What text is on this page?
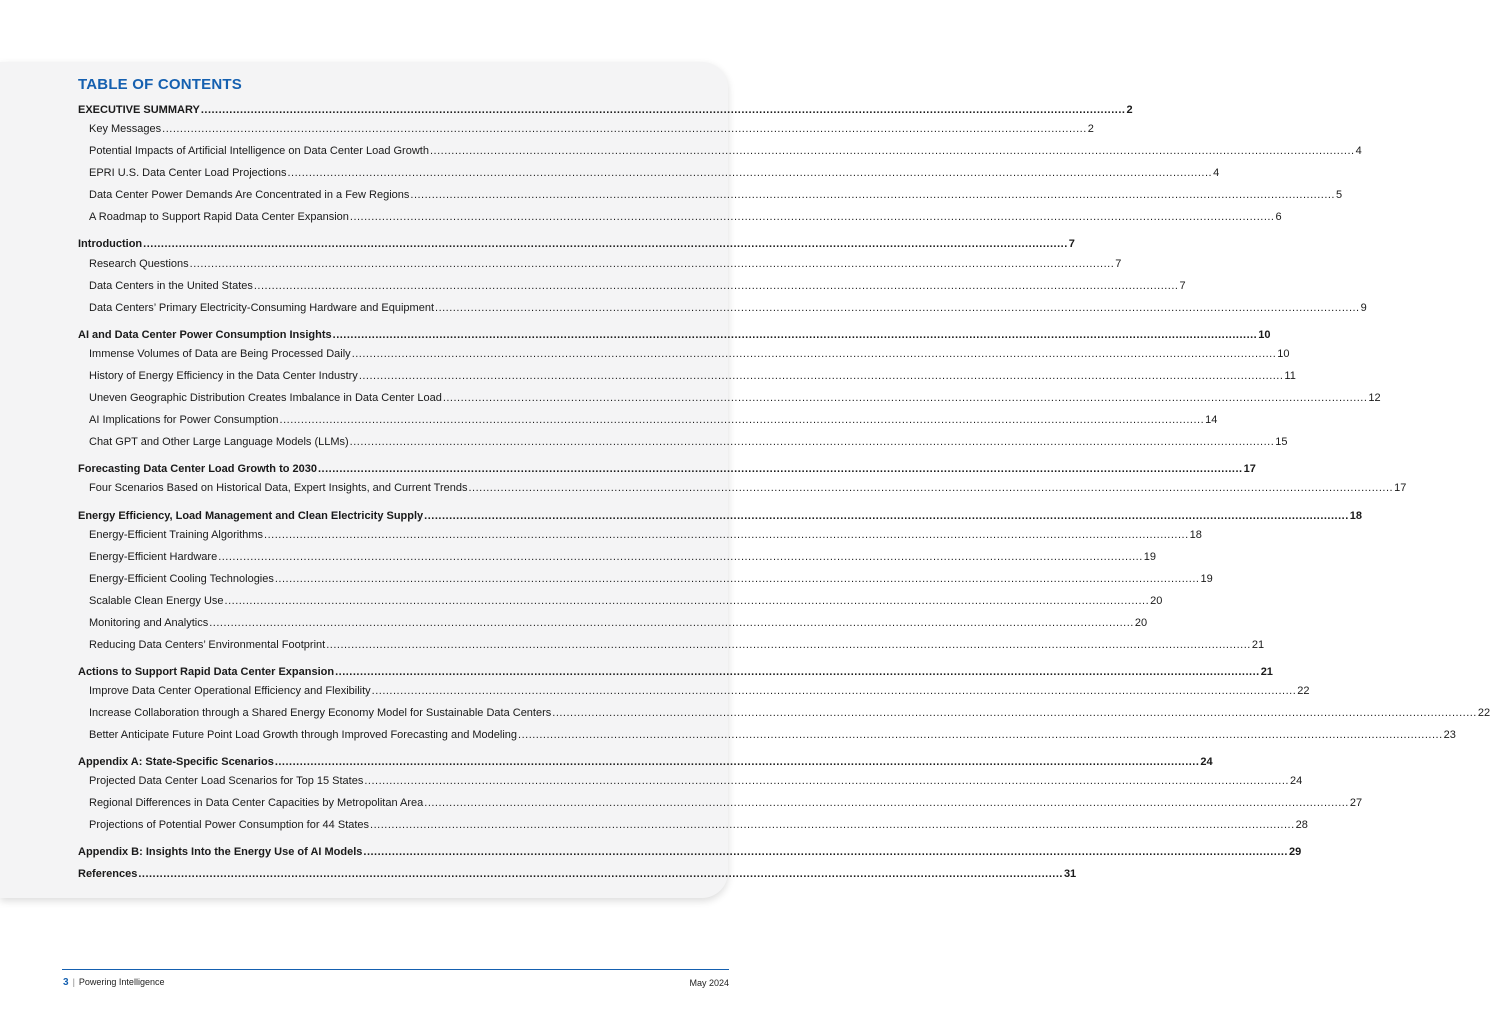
TABLE OF CONTENTS
EXECUTIVE SUMMARY .................................................................................................................................................................................................................................................................... 2
Key Messages .................................................................................................................................................................................................................................................................... 2
Potential Impacts of Artificial Intelligence on Data Center Load Growth .................................................................................................................................................................................................................................................................... 4
EPRI U.S. Data Center Load Projections .................................................................................................................................................................................................................................................................... 4
Data Center Power Demands Are Concentrated in a Few Regions .................................................................................................................................................................................................................................................................... 5
A Roadmap to Support Rapid Data Center Expansion .................................................................................................................................................................................................................................................................... 6
Introduction .................................................................................................................................................................................................................................................................... 7
Research Questions .................................................................................................................................................................................................................................................................... 7
Data Centers in the United States .................................................................................................................................................................................................................................................................... 7
Data Centers’ Primary Electricity-Consuming Hardware and Equipment .................................................................................................................................................................................................................................................................... 9
AI and Data Center Power Consumption Insights .................................................................................................................................................................................................................................................................... 10
Immense Volumes of Data are Being Processed Daily .................................................................................................................................................................................................................................................................... 10
History of Energy Efficiency in the Data Center Industry .................................................................................................................................................................................................................................................................... 11
Uneven Geographic Distribution Creates Imbalance in Data Center Load .................................................................................................................................................................................................................................................................... 12
AI Implications for Power Consumption .................................................................................................................................................................................................................................................................... 14
Chat GPT and Other Large Language Models (LLMs) .................................................................................................................................................................................................................................................................... 15
Forecasting Data Center Load Growth to 2030 .................................................................................................................................................................................................................................................................... 17
Four Scenarios Based on Historical Data, Expert Insights, and Current Trends .................................................................................................................................................................................................................................................................... 17
Energy Efficiency, Load Management and Clean Electricity Supply .................................................................................................................................................................................................................................................................... 18
Energy-Efficient Training Algorithms .................................................................................................................................................................................................................................................................... 18
Energy-Efficient Hardware .................................................................................................................................................................................................................................................................... 19
Energy-Efficient Cooling Technologies .................................................................................................................................................................................................................................................................... 19
Scalable Clean Energy Use .................................................................................................................................................................................................................................................................... 20
Monitoring and Analytics .................................................................................................................................................................................................................................................................... 20
Reducing Data Centers’ Environmental Footprint .................................................................................................................................................................................................................................................................... 21
Actions to Support Rapid Data Center Expansion .................................................................................................................................................................................................................................................................... 21
Improve Data Center Operational Efficiency and Flexibility .................................................................................................................................................................................................................................................................... 22
Increase Collaboration through a Shared Energy Economy Model for Sustainable Data Centers .................................................................................................................................................................................................................................................................... 22
Better Anticipate Future Point Load Growth through Improved Forecasting and Modeling .................................................................................................................................................................................................................................................................... 23
Appendix A: State-Specific Scenarios .................................................................................................................................................................................................................................................................... 24
Projected Data Center Load Scenarios for Top 15 States .................................................................................................................................................................................................................................................................... 24
Regional Differences in Data Center Capacities by Metropolitan Area .................................................................................................................................................................................................................................................................... 27
Projections of Potential Power Consumption for 44 States .................................................................................................................................................................................................................................................................... 28
Appendix B: Insights Into the Energy Use of AI Models .................................................................................................................................................................................................................................................................... 29
References .................................................................................................................................................................................................................................................................... 31
3 | Powering Intelligence	May 2024
